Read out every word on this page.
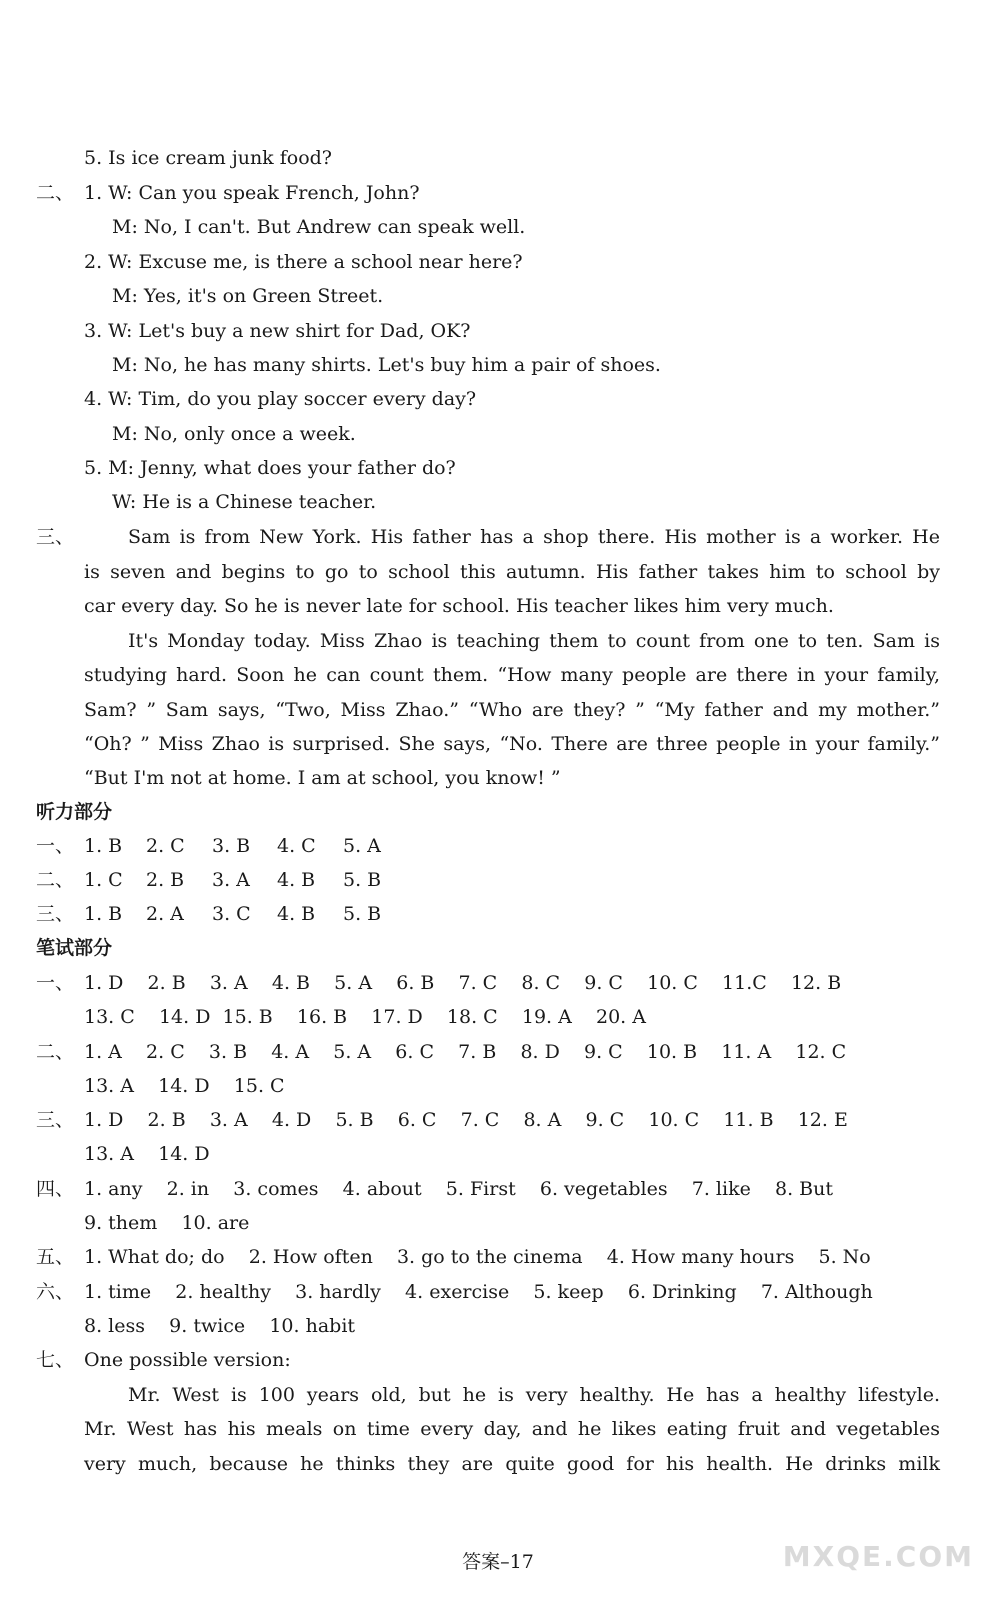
5. Is ice cream junk food?
二、 1. W: Can you speak French, John?
M: No, I can't. But Andrew can speak well.
2. W: Excuse me, is there a school near here?
M: Yes, it's on Green Street.
3. W: Let's buy a new shirt for Dad, OK?
M: No, he has many shirts. Let's buy him a pair of shoes.
4. W: Tim, do you play soccer every day?
M: No, only once a week.
5. M: Jenny, what does your father do?
W: He is a Chinese teacher.
三、	Sam is from New York. His father has a shop there. His mother is a worker. He
is seven and begins to go to school this autumn. His father takes him to school by
car every day. So he is never late for school. His teacher likes him very much.
It's Monday today. Miss Zhao is teaching them to count from one to ten. Sam is
studying hard. Soon he can count them. “How many people are there in your family,
Sam? ” Sam says, “Two, Miss Zhao.” “Who are they? ” “My father and my mother.”
“Oh? ” Miss Zhao is surprised. She says, “No. There are three people in your family.”
“But I'm not at home. I am at school, you know! ”
听力部分
一、 1. B 2. C 3. B 4. C 5. A
二、 1. C 2. B 3. A 4. B 5. B
三、 1. B 2. A 3. C 4. B 5. B
笔试部分
一、 1. D    2. B    3. A    4. B    5. A    6. B    7. C    8. C    9. C    10. C    11.C    12. B
13. C    14. D  15. B    16. B    17. D    18. C    19. A    20. A
二、 1. A    2. C    3. B    4. A    5. A    6. C    7. B    8. D    9. C    10. B    11. A    12. C
13. A    14. D    15. C
三、 1. D    2. B    3. A    4. D    5. B    6. C    7. C    8. A    9. C    10. C    11. B    12. E
13. A    14. D
四、 1. any    2. in    3. comes    4. about    5. First    6. vegetables    7. like    8. But
9. them    10. are
五、 1. What do; do    2. How often    3. go to the cinema    4. How many hours    5. No
六、 1. time    2. healthy    3. hardly    4. exercise    5. keep    6. Drinking    7. Although
8. less    9. twice    10. habit
七、 One possible version:
Mr. West is 100 years old, but he is very healthy. He has a healthy lifestyle.
Mr. West has his meals on time every day, and he likes eating fruit and vegetables
very much, because he thinks they are quite good for his health. He drinks milk
答案–17	MXQE.COM
